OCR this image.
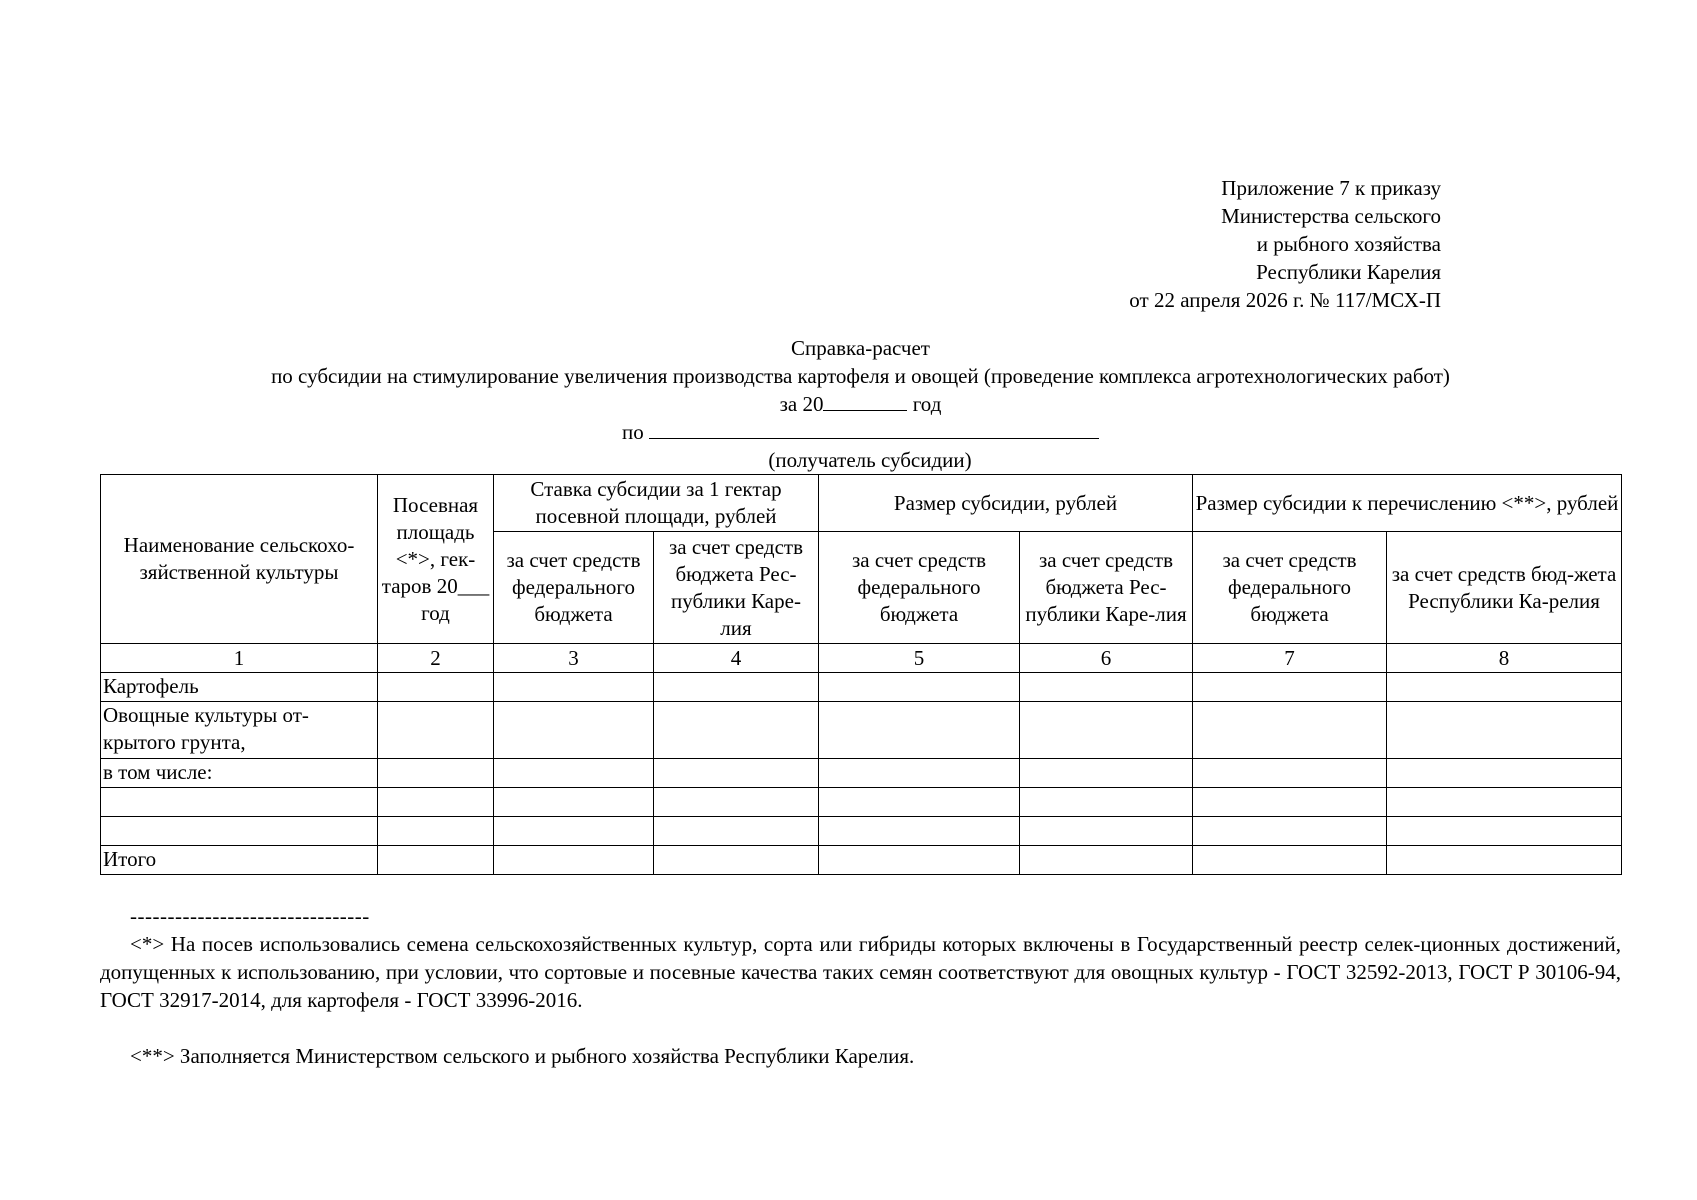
Приложение 7 к приказу
Министерства сельского
и рыбного хозяйства
Республики Карелия
от 22 апреля 2026 г. № 117/МСХ-П
Справка-расчет
по субсидии на стимулирование увеличения производства картофеля и овощей (проведение комплекса агротехнологических работ)
за 20	год
по
(получатель субсидии)
Наименование сельскохо-зяйственной культуры	Посевная площадь <*>, гек-таров 20___ год	Ставка субсидии за 1 гектар посевной площади, рублей		Размер субсидии, рублей		Размер субсидии к перечислению <**>, рублей	
		за счет средств федерального бюджета	за счет средств бюджета Рес-публики Каре-лия	за счет средств федерального бюджета	за счет средств бюджета Рес-публики Каре-лия	за счет средств федерального бюджета	за счет средств бюд-жета Республики Ка-релия
1	2	3	4	5	6	7	8
Картофель							
Овощные культуры от-крытого грунта,							
в том числе:							

Итого							
--------------------------------

<*> На посев использовались семена сельскохозяйственных культур, сорта или гибриды которых включены в Государственный реестр селек-ционных достижений, допущенных к использованию, при условии, что сортовые и посевные качества таких семян соответствуют для овощных культур - ГОСТ 32592-2013, ГОСТ Р 30106-94, ГОСТ 32917-2014, для картофеля - ГОСТ 33996-2016.

<**> Заполняется Министерством сельского и рыбного хозяйства Республики Карелия.
